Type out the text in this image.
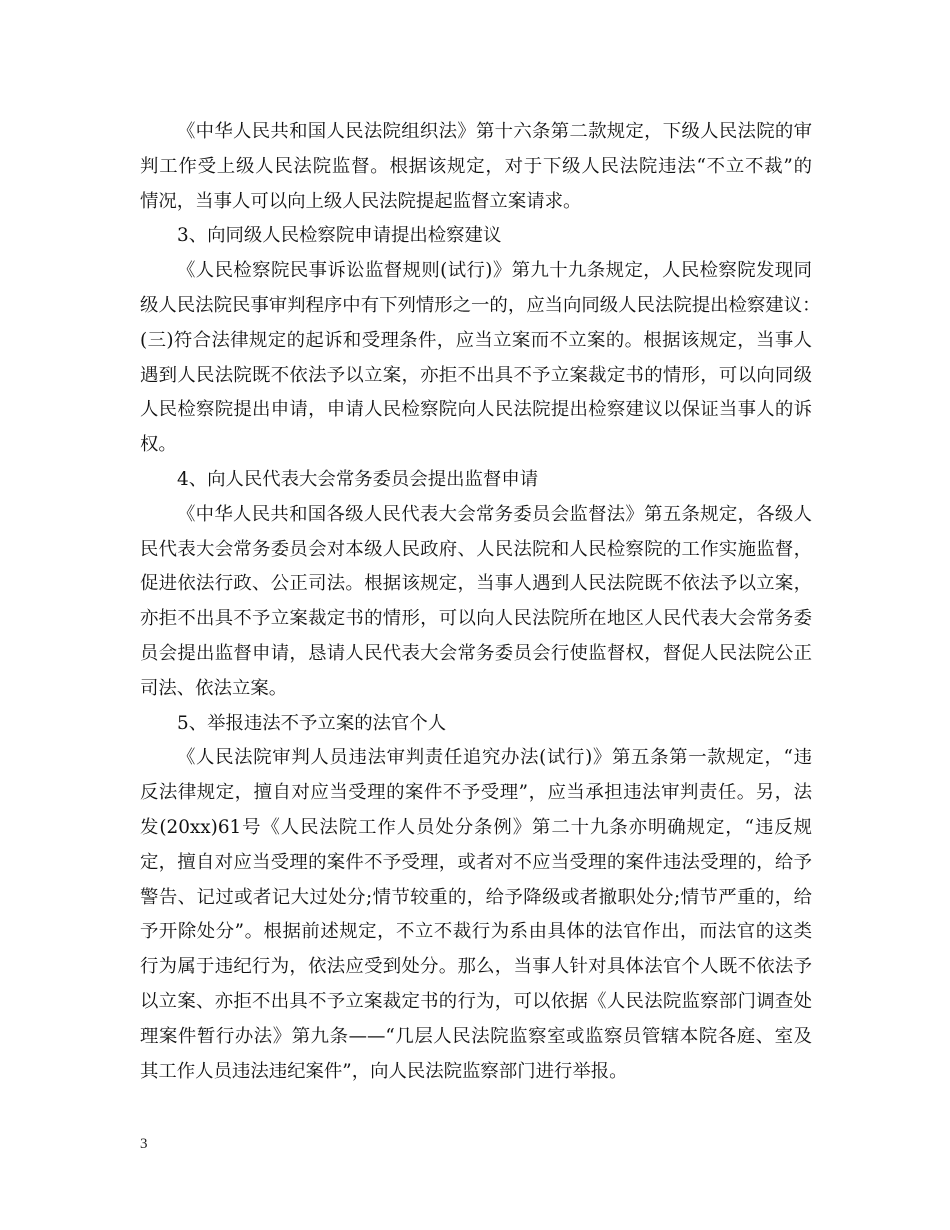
《中华人民共和国人民法院组织法》第十六条第二款规定，下级人民法院的审
判工作受上级人民法院监督。根据该规定，对于下级人民法院违法“不立不裁”的
情况，当事人可以向上级人民法院提起监督立案请求。
3、向同级人民检察院申请提出检察建议
《人民检察院民事诉讼监督规则(试行)》第九十九条规定，人民检察院发现同
级人民法院民事审判程序中有下列情形之一的，应当向同级人民法院提出检察建议：
(三)符合法律规定的起诉和受理条件，应当立案而不立案的。根据该规定，当事人
遇到人民法院既不依法予以立案，亦拒不出具不予立案裁定书的情形，可以向同级
人民检察院提出申请，申请人民检察院向人民法院提出检察建议以保证当事人的诉
权。
4、向人民代表大会常务委员会提出监督申请
《中华人民共和国各级人民代表大会常务委员会监督法》第五条规定，各级人
民代表大会常务委员会对本级人民政府、人民法院和人民检察院的工作实施监督，
促进依法行政、公正司法。根据该规定，当事人遇到人民法院既不依法予以立案，
亦拒不出具不予立案裁定书的情形，可以向人民法院所在地区人民代表大会常务委
员会提出监督申请，恳请人民代表大会常务委员会行使监督权，督促人民法院公正
司法、依法立案。
5、举报违法不予立案的法官个人
《人民法院审判人员违法审判责任追究办法(试行)》第五条第一款规定，“违
反法律规定，擅自对应当受理的案件不予受理”，应当承担违法审判责任。另，法
发(20xx)61号《人民法院工作人员处分条例》第二十九条亦明确规定，“违反规
定，擅自对应当受理的案件不予受理，或者对不应当受理的案件违法受理的，给予
警告、记过或者记大过处分;情节较重的，给予降级或者撤职处分;情节严重的，给
予开除处分”。根据前述规定，不立不裁行为系由具体的法官作出，而法官的这类
行为属于违纪行为，依法应受到处分。那么，当事人针对具体法官个人既不依法予
以立案、亦拒不出具不予立案裁定书的行为，可以依据《人民法院监察部门调查处
理案件暂行办法》第九条——“几层人民法院监察室或监察员管辖本院各庭、室及
其工作人员违法违纪案件”，向人民法院监察部门进行举报。
3
